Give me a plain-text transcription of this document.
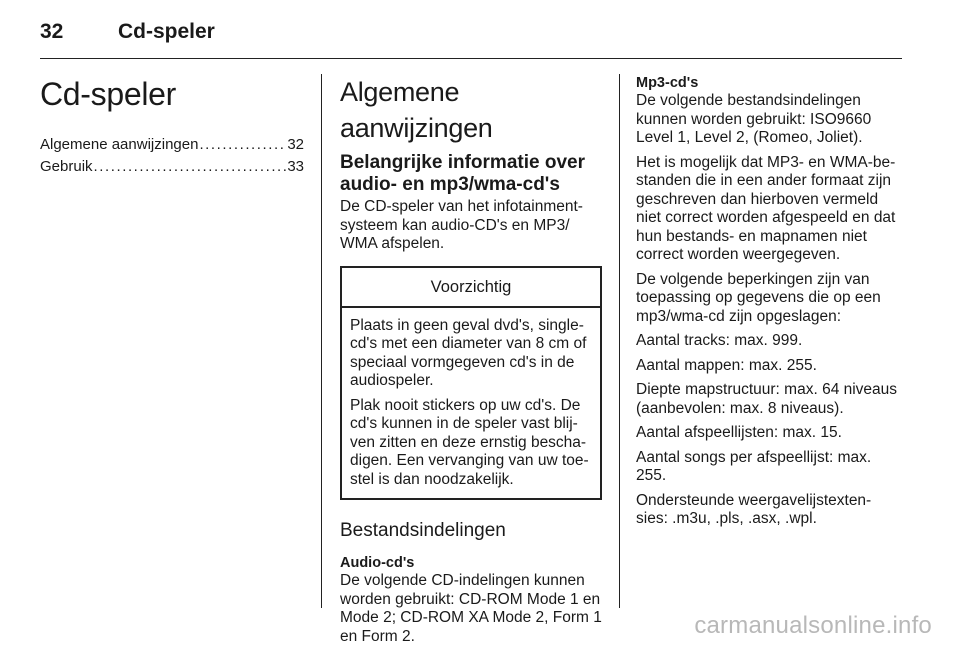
32	Cd-speler
Cd-speler
Algemene aanwijzingen . . .	32
Gebruik . . .	33
Algemene aanwijzingen
Belangrijke informatie over audio- en mp3/wma-cd's

De CD-speler van het infotainment-systeem kan audio-CD's en MP3/ WMA afspelen.

Voorzichtig

Plaats in geen geval dvd's, single-cd's met een diameter van 8 cm of speciaal vormgegeven cd's in de audiospeler.

Plak nooit stickers op uw cd's. De cd's kunnen in de speler vast blij-ven zitten en deze ernstig bescha-digen. Een vervanging van uw toe-stel is dan noodzakelijk.

Bestandsindelingen
Audio-cd's

De volgende CD-indelingen kunnen worden gebruikt: CD-ROM Mode 1 en Mode 2; CD-ROM XA Mode 2, Form 1 en Form 2.

Mp3-cd's

De volgende bestandsindelingen kunnen worden gebruikt: ISO9660 Level 1, Level 2, (Romeo, Joliet).

Het is mogelijk dat MP3- en WMA-be-standen die in een ander formaat zijn geschreven dan hierboven vermeld niet correct worden afgespeeld en dat hun bestands- en mapnamen niet correct worden weergegeven.

De volgende beperkingen zijn van toepassing op gegevens die op een mp3/wma-cd zijn opgeslagen:

Aantal tracks: max. 999.

Aantal mappen: max. 255.

Diepte mapstructuur: max. 64 niveaus (aanbevolen: max. 8 niveaus).

Aantal afspeellijsten: max. 15.

Aantal songs per afspeellijst: max. 255.

Ondersteunde weergavelijstexten-sies: .m3u, .pls, .asx, .wpl.

carmanualsonline.info
